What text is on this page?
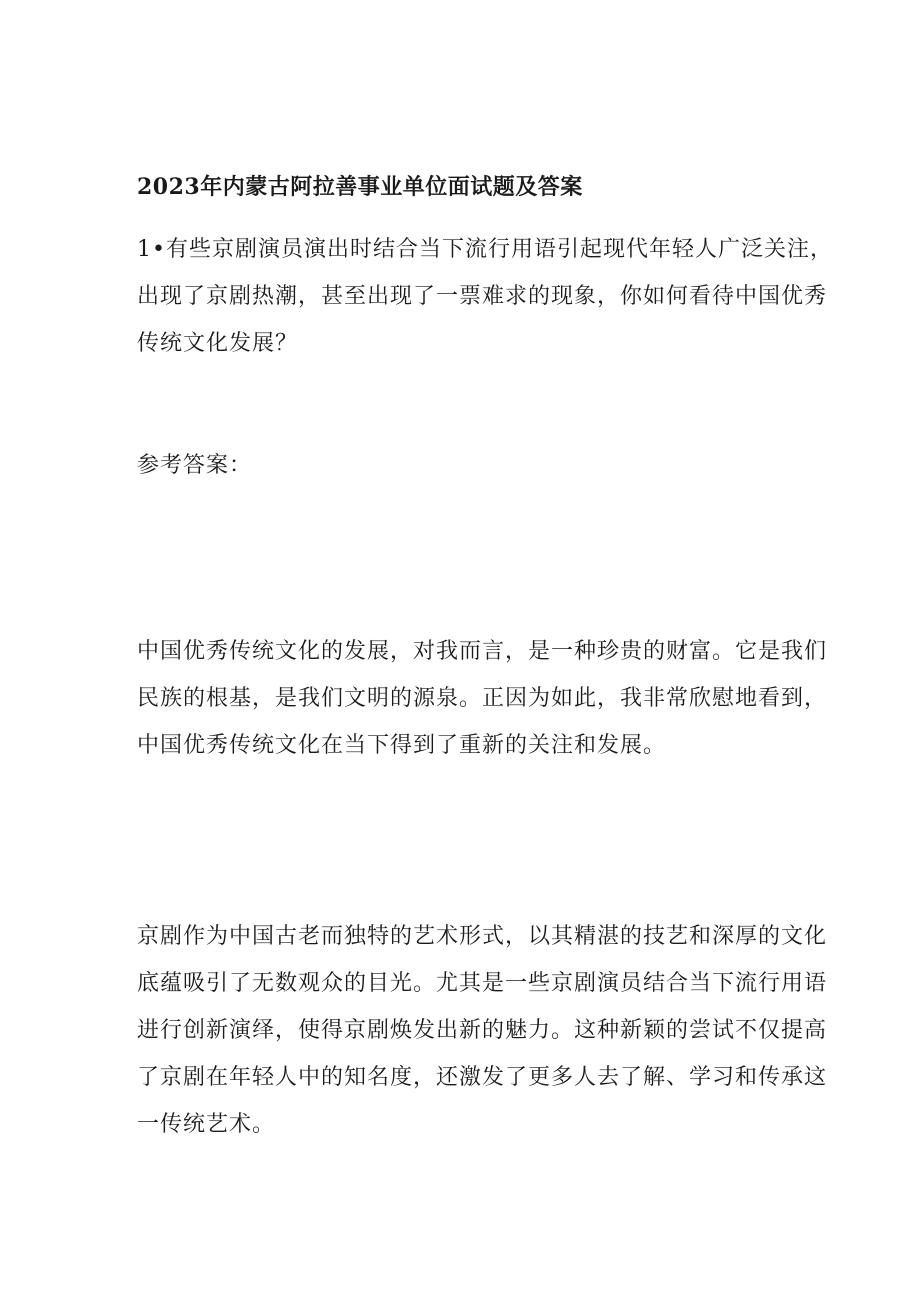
2023年内蒙古阿拉善事业单位面试题及答案
1•有些京剧演员演出时结合当下流行用语引起现代年轻人广泛关注，
出现了京剧热潮，甚至出现了一票难求的现象，你如何看待中国优秀
传统文化发展？
参考答案：
中国优秀传统文化的发展，对我而言，是一种珍贵的财富。它是我们
民族的根基，是我们文明的源泉。正因为如此，我非常欣慰地看到，
中国优秀传统文化在当下得到了重新的关注和发展。
京剧作为中国古老而独特的艺术形式，以其精湛的技艺和深厚的文化
底蕴吸引了无数观众的目光。尤其是一些京剧演员结合当下流行用语
进行创新演绎，使得京剧焕发出新的魅力。这种新颖的尝试不仅提高
了京剧在年轻人中的知名度，还激发了更多人去了解、学习和传承这
一传统艺术。
